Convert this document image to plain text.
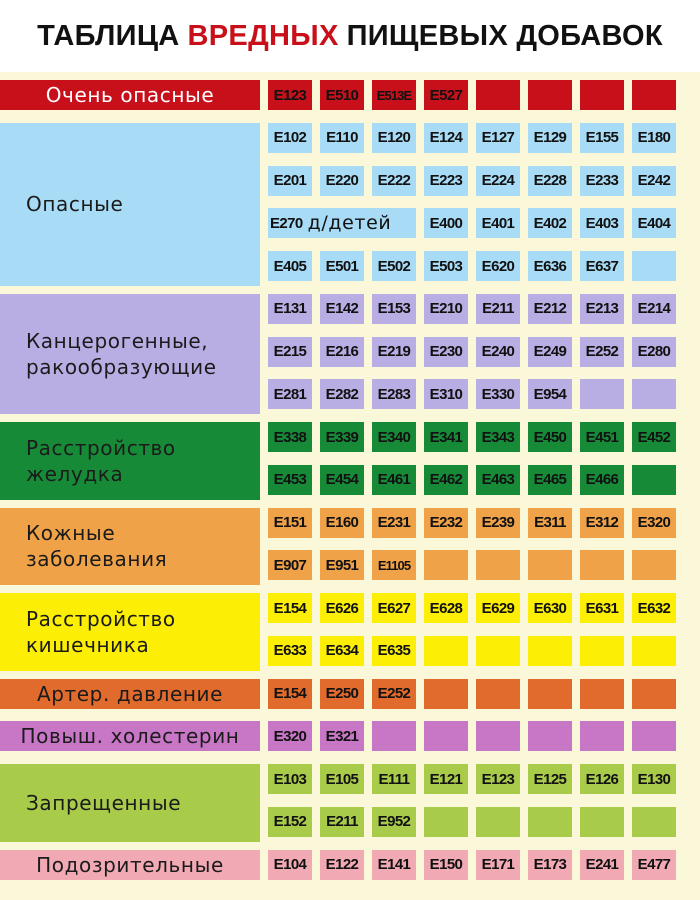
ТАБЛИЦА ВРЕДНЫХ ПИЩЕВЫХ ДОБАВОК
Очень опасные	E123	E510	E513E	E527
Опасные
E102	E110	E120	E124	E127	E129	E155	E180
E201	E220	E222	E223	E224	E228	E233	E242
E270 д/детей	E400	E401	E402	E403	E404
E405	E501	E502	E503	E620	E636	E637
Канцерогенные, ракообразующие
E131	E142	E153	E210	E211	E212	E213	E214
E215	E216	E219	E230	E240	E249	E252	E280
E281	E282	E283	E310	E330	E954
Расстройство желудка
E338	E339	E340	E341	E343	E450	E451	E452
E453	E454	E461	E462	E463	E465	E466
Кожные заболевания
E151	E160	E231	E232	E239	E311	E312	E320
E907	E951	E1105
Расстройство кишечника
E154	E626	E627	E628	E629	E630	E631	E632
E633	E634	E635
Артер. давление	E154	E250	E252
Повыш. холестерин	E320	E321
Запрещенные
E103	E105	E111	E121	E123	E125	E126	E130
E152	E211	E952
Подозрительные	E104	E122	E141	E150	E171	E173	E241	E477
